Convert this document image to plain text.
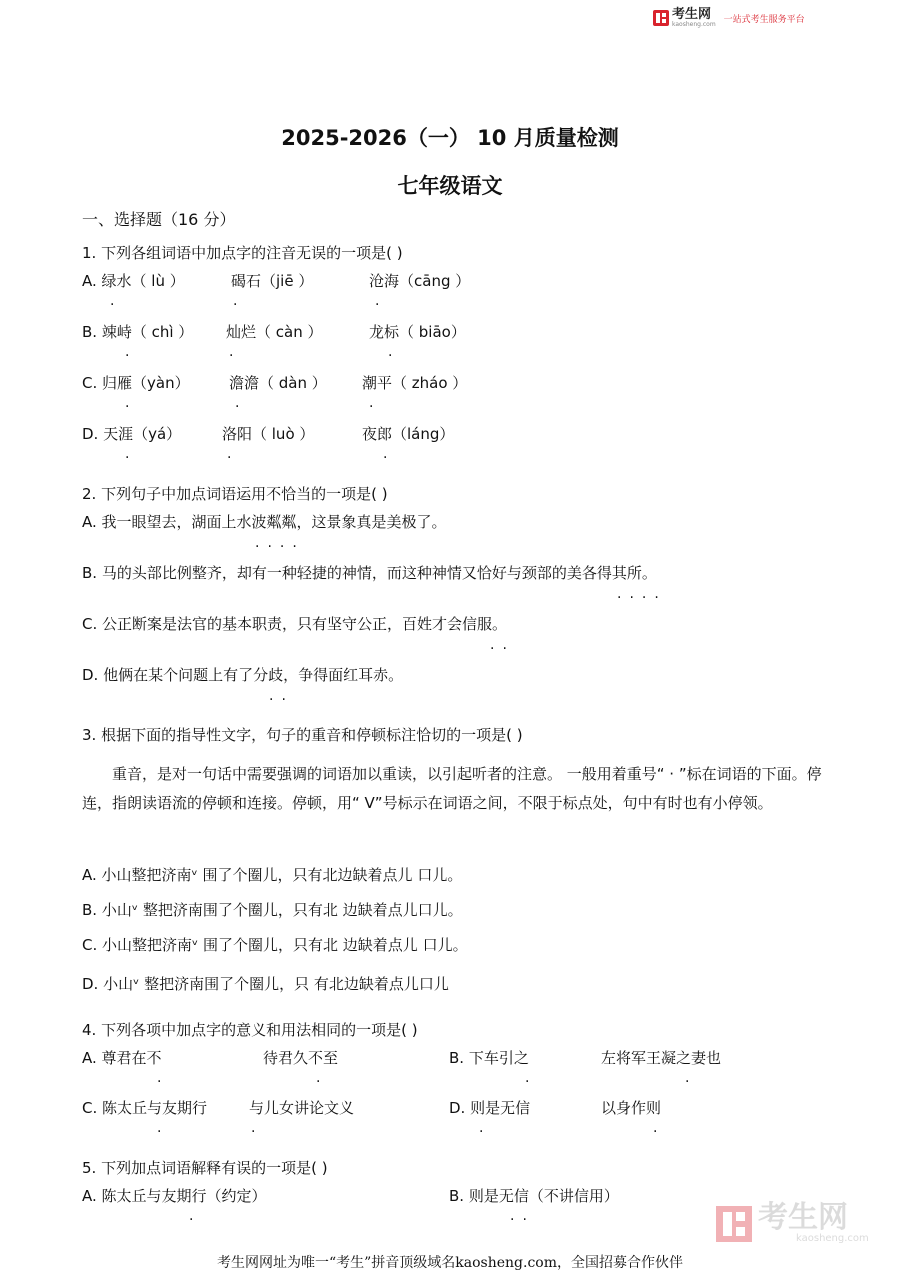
考生网
kaosheng.com 一站式考生服务平台
2025-2026（一） 10 月质量检测
七年级语文
一、选择题（16 分）
1. 下列各组词语中加点字的注音无误的一项是( )
A. 绿水（ lù ）	碣石（jiē ）	沧海（cāng ）
B. 竦峙（ chì ） 灿烂（ càn ）	龙标（ biāo）
C. 归雁（yàn）	澹澹（ dàn ） 潮平（ zháo ）
D. 天涯（yá）	洛阳（ luò ）	夜郎（láng）
·	·	·
·	·	·
·	·	·
·	·	·
2. 下列句子中加点词语运用不恰当的一项是( )
A. 我一眼望去，湖面上水波粼粼，这景象真是美极了。
B. 马的头部比例整齐，却有一种轻捷的神情，而这种神情又恰好与颈部的美各得其所。
C. 公正断案是法官的基本职责，只有坚守公正，百姓才会信服。
D. 他俩在某个问题上有了分歧，争得面红耳赤。
····
····
··
··
3. 根据下面的指导性文字，句子的重音和停顿标注恰切的一项是( )
重音，是对一句话中需要强调的词语加以重读，以引起听者的注意。 一般用着重号“ · ”标在词语的下面。停连，指朗读语流的停顿和连接。停顿，用“ V”号标示在词语之间，不限于标点处，句中有时也有小停领。
A. 小山整把济南ᵛ 围了个圈儿，只有北边缺着点儿 口儿。
B. 小山ᵛ 整把济南围了个圈儿，只有北 边缺着点儿口儿。
C. 小山整把济南ᵛ 围了个圈儿，只有北 边缺着点儿 口儿。
D. 小山ᵛ 整把济南围了个圈儿，只 有北边缺着点儿口儿
4. 下列各项中加点字的意义和用法相同的一项是( )
A. 尊君在不	待君久不至	B. 下车引之	左将军王凝之妻也
C. 陈太丘与友期行	与儿女讲论文义	D. 则是无信	以身作则
·	·	·	·
·	·	·	·
5. 下列加点词语解释有误的一项是( )
A. 陈太丘与友期行（约定）	B. 则是无信（不讲信用）
·	··	考生网
kaosheng.com
考生网网址为唯一“考生”拼音顶级域名kaosheng.com，全国招募合作伙伴
